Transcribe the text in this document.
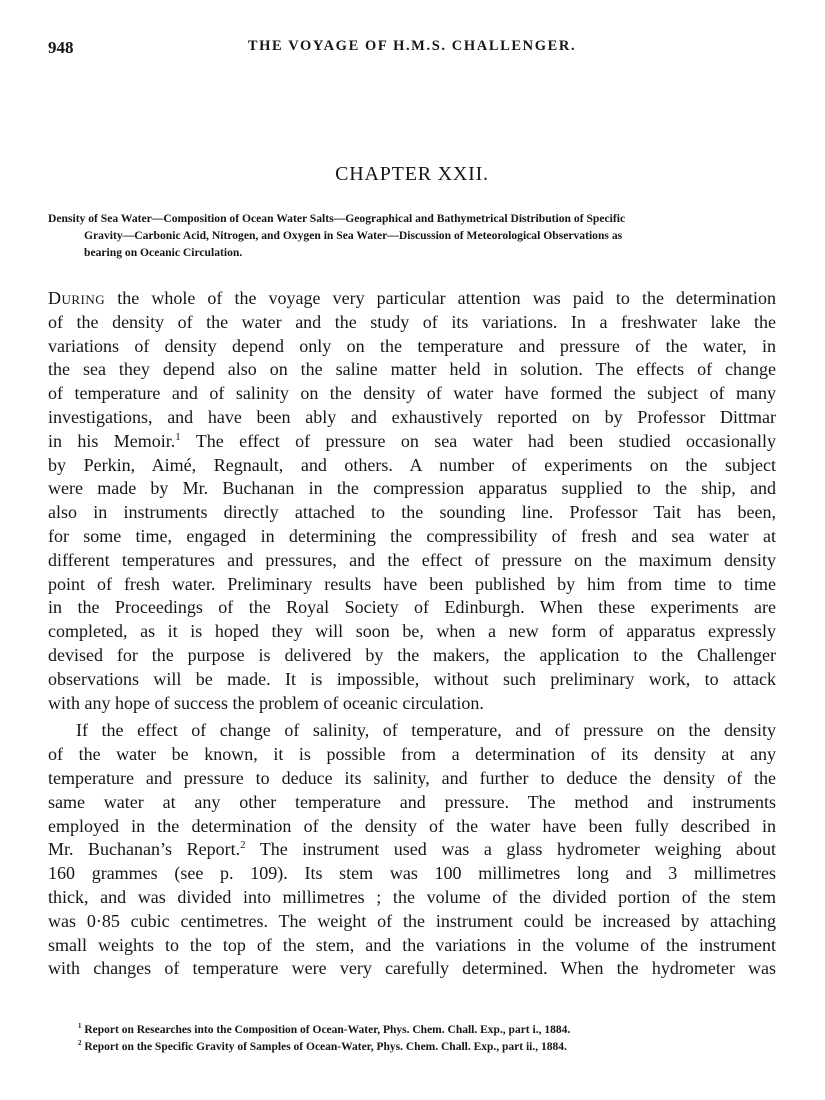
948	THE VOYAGE OF H.M.S. CHALLENGER.
CHAPTER XXII.
Density of Sea Water—Composition of Ocean Water Salts—Geographical and Bathymetrical Distribution of Specific
Gravity—Carbonic Acid, Nitrogen, and Oxygen in Sea Water—Discussion of Meteorological Observations as
bearing on Oceanic Circulation.
During the whole of the voyage very particular attention was paid to the determination
of the density of the water and the study of its variations. In a freshwater lake the
variations of density depend only on the temperature and pressure of the water, in
the sea they depend also on the saline matter held in solution. The effects of change
of temperature and of salinity on the density of water have formed the subject of many
investigations, and have been ably and exhaustively reported on by Professor Dittmar
in his Memoir.$^1$ The effect of pressure on sea water had been studied occasionally
by Perkin, Aimé, Regnault, and others. A number of experiments on the subject
were made by Mr. Buchanan in the compression apparatus supplied to the ship, and
also in instruments directly attached to the sounding line. Professor Tait has been,
for some time, engaged in determining the compressibility of fresh and sea water at
different temperatures and pressures, and the effect of pressure on the maximum density
point of fresh water. Preliminary results have been published by him from time to time
in the Proceedings of the Royal Society of Edinburgh. When these experiments are
completed, as it is hoped they will soon be, when a new form of apparatus expressly
devised for the purpose is delivered by the makers, the application to the Challenger
observations will be made. It is impossible, without such preliminary work, to attack
with any hope of success the problem of oceanic circulation.
If the effect of change of salinity, of temperature, and of pressure on the density
of the water be known, it is possible from a determination of its density at any
temperature and pressure to deduce its salinity, and further to deduce the density of the
same water at any other temperature and pressure. The method and instruments
employed in the determination of the density of the water have been fully described in
Mr. Buchanan’s Report.$^2$ The instrument used was a glass hydrometer weighing about
160 grammes (see p. 109). Its stem was 100 millimetres long and 3 millimetres
thick, and was divided into millimetres ; the volume of the divided portion of the stem
was 0·85 cubic centimetres. The weight of the instrument could be increased by attaching
small weights to the top of the stem, and the variations in the volume of the instrument
with changes of temperature were very carefully determined. When the hydrometer was
$^1$ Report on Researches into the Composition of Ocean-Water, Phys. Chem. Chall. Exp., part i., 1884.
$^2$ Report on the Specific Gravity of Samples of Ocean-Water, Phys. Chem. Chall. Exp., part ii., 1884.
